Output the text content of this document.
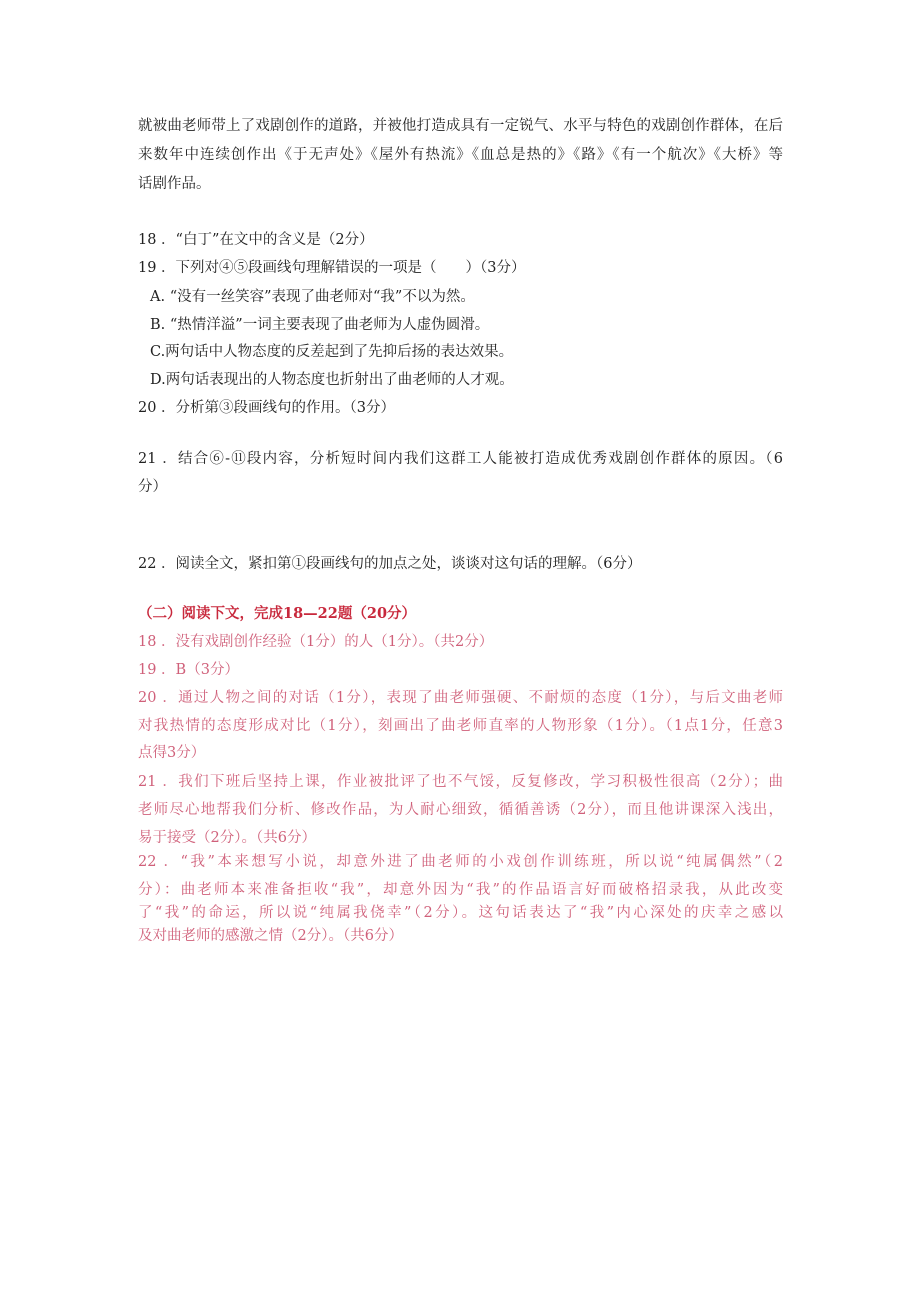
就被曲老师带上了戏剧创作的道路，并被他打造成具有一定锐气、水平与特色的戏剧创作群体，在后
来数年中连续创作出《于无声处》《屋外有热流》《血总是热的》《路》《有一个航次》《大桥》等
话剧作品。
18 ．“白丁”在文中的含义是（2分）
19 ．下列对④⑤段画线句理解错误的一项是（　　）（3分）
A. “没有一丝笑容”表现了曲老师对“我”不以为然。
B. “热情洋溢”一词主要表现了曲老师为人虚伪圆滑。
C.两句话中人物态度的反差起到了先抑后扬的表达效果。
D.两句话表现出的人物态度也折射出了曲老师的人才观。
20 ．分析第③段画线句的作用。（3分）
21 ．结合⑥-⑪段内容，分析短时间内我们这群工人能被打造成优秀戏剧创作群体的原因。（6
分）
22 ．阅读全文，紧扣第①段画线句的加点之处，谈谈对这句话的理解。（6分）
（二）阅读下文，完成18—22题（20分）
18 ．没有戏剧创作经验（1分）的人（1分）。（共2分）
19 ．B（3分）
20 ．通过人物之间的对话（1分），表现了曲老师强硬、不耐烦的态度（1分），与后文曲老师
对我热情的态度形成对比（1分），刻画出了曲老师直率的人物形象（1分）。（1点1分，任意3
点得3分）
21 ．我们下班后坚持上课，作业被批评了也不气馁，反复修改，学习积极性很高（2分）；曲
老师尽心地帮我们分析、修改作品，为人耐心细致，循循善诱（2分），而且他讲课深入浅出，
易于接受（2分）。（共6分）
22 ．“我”本来想写小说，却意外进了曲老师的小戏创作训练班，所以说“纯属偶然”（2
分）：曲老师本来准备拒收“我”，却意外因为“我”的作品语言好而破格招录我，从此改变
了“我”的命运，所以说“纯属我侥幸”（2分）。这句话表达了“我”内心深处的庆幸之感以
及对曲老师的感激之情（2分）。（共6分）
